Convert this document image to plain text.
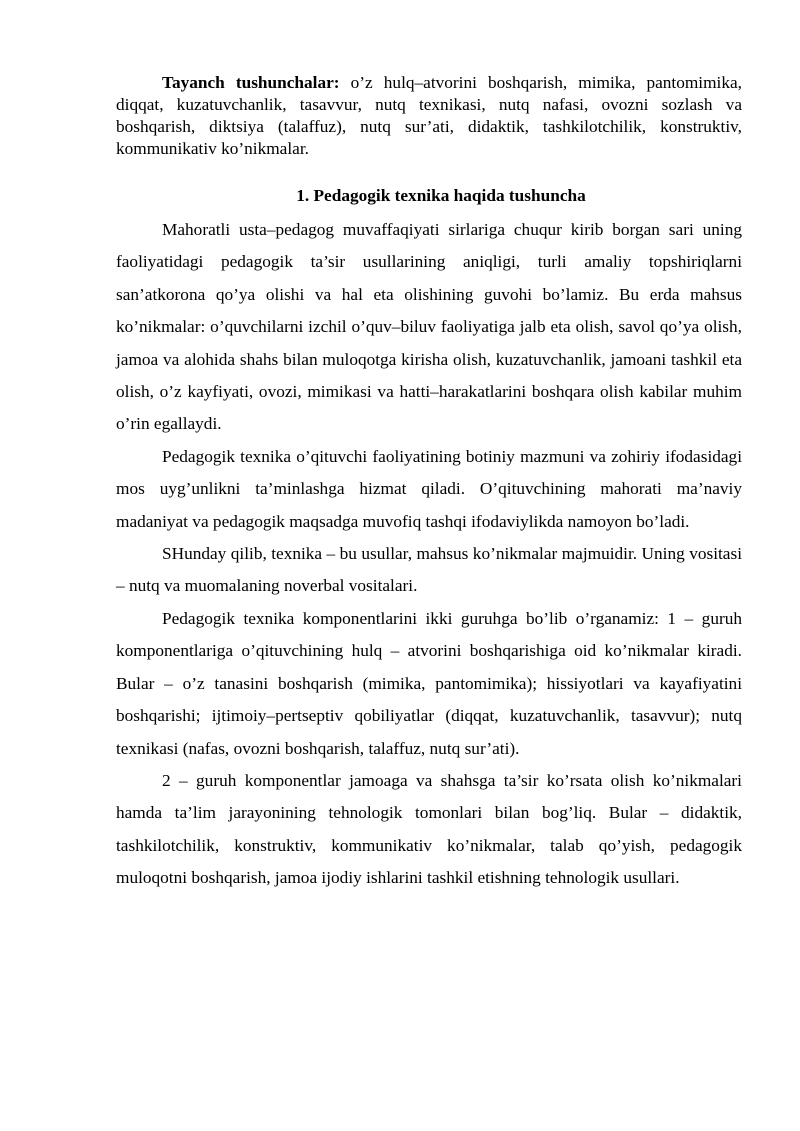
Tayanch tushunchalar: o’z hulq–atvorini boshqarish, mimika, pantomimika, diqqat, kuzatuvchanlik, tasavvur, nutq texnikasi, nutq nafasi, ovozni sozlash va boshqarish, diktsiya (talaffuz), nutq sur’ati, didaktik, tashkilotchilik, konstruktiv, kommunikativ ko’nikmalar.

1. Pedagogik texnika haqida tushuncha

Mahoratli usta–pedagog muvaffaqiyati sirlariga chuqur kirib borgan sari uning faoliyatidagi pedagogik ta’sir usullarining aniqligi, turli amaliy topshiriqlarni san’atkorona qo’ya olishi va hal eta olishining guvohi bo’lamiz. Bu erda mahsus ko’nikmalar: o’quvchilarni izchil o’quv–biluv faoliyatiga jalb eta olish, savol qo’ya olish, jamoa va alohida shahs bilan muloqotga kirisha olish, kuzatuvchanlik, jamoani tashkil eta olish, o’z kayfiyati, ovozi, mimikasi va hatti–harakatlarini boshqara olish kabilar muhim o’rin egallaydi.

Pedagogik texnika o’qituvchi faoliyatining botiniy mazmuni va zohiriy ifodasidagi mos uyg’unlikni ta’minlashga hizmat qiladi. O’qituvchining mahorati ma’naviy madaniyat va pedagogik maqsadga muvofiq tashqi ifodaviylikda namoyon bo’ladi.

SHunday qilib, texnika – bu usullar, mahsus ko’nikmalar majmuidir. Uning vositasi – nutq va muomalaning noverbal vositalari.

Pedagogik texnika komponentlarini ikki guruhga bo’lib o’rganamiz: 1 – guruh komponentlariga o’qituvchining hulq – atvorini boshqarishiga oid ko’nikmalar kiradi. Bular – o’z tanasini boshqarish (mimika, pantomimika); hissiyotlari va kayafiyatini boshqarishi; ijtimoiy–pertseptiv qobiliyatlar (diqqat, kuzatuvchanlik, tasavvur); nutq texnikasi (nafas, ovozni boshqarish, talaffuz, nutq sur’ati).

2 – guruh komponentlar jamoaga va shahsga ta’sir ko’rsata olish ko’nikmalari hamda ta’lim jarayonining tehnologik tomonlari bilan bog’liq. Bular – didaktik, tashkilotchilik, konstruktiv, kommunikativ ko’nikmalar, talab qo’yish, pedagogik muloqotni boshqarish, jamoa ijodiy ishlarini tashkil etishning tehnologik usullari.
